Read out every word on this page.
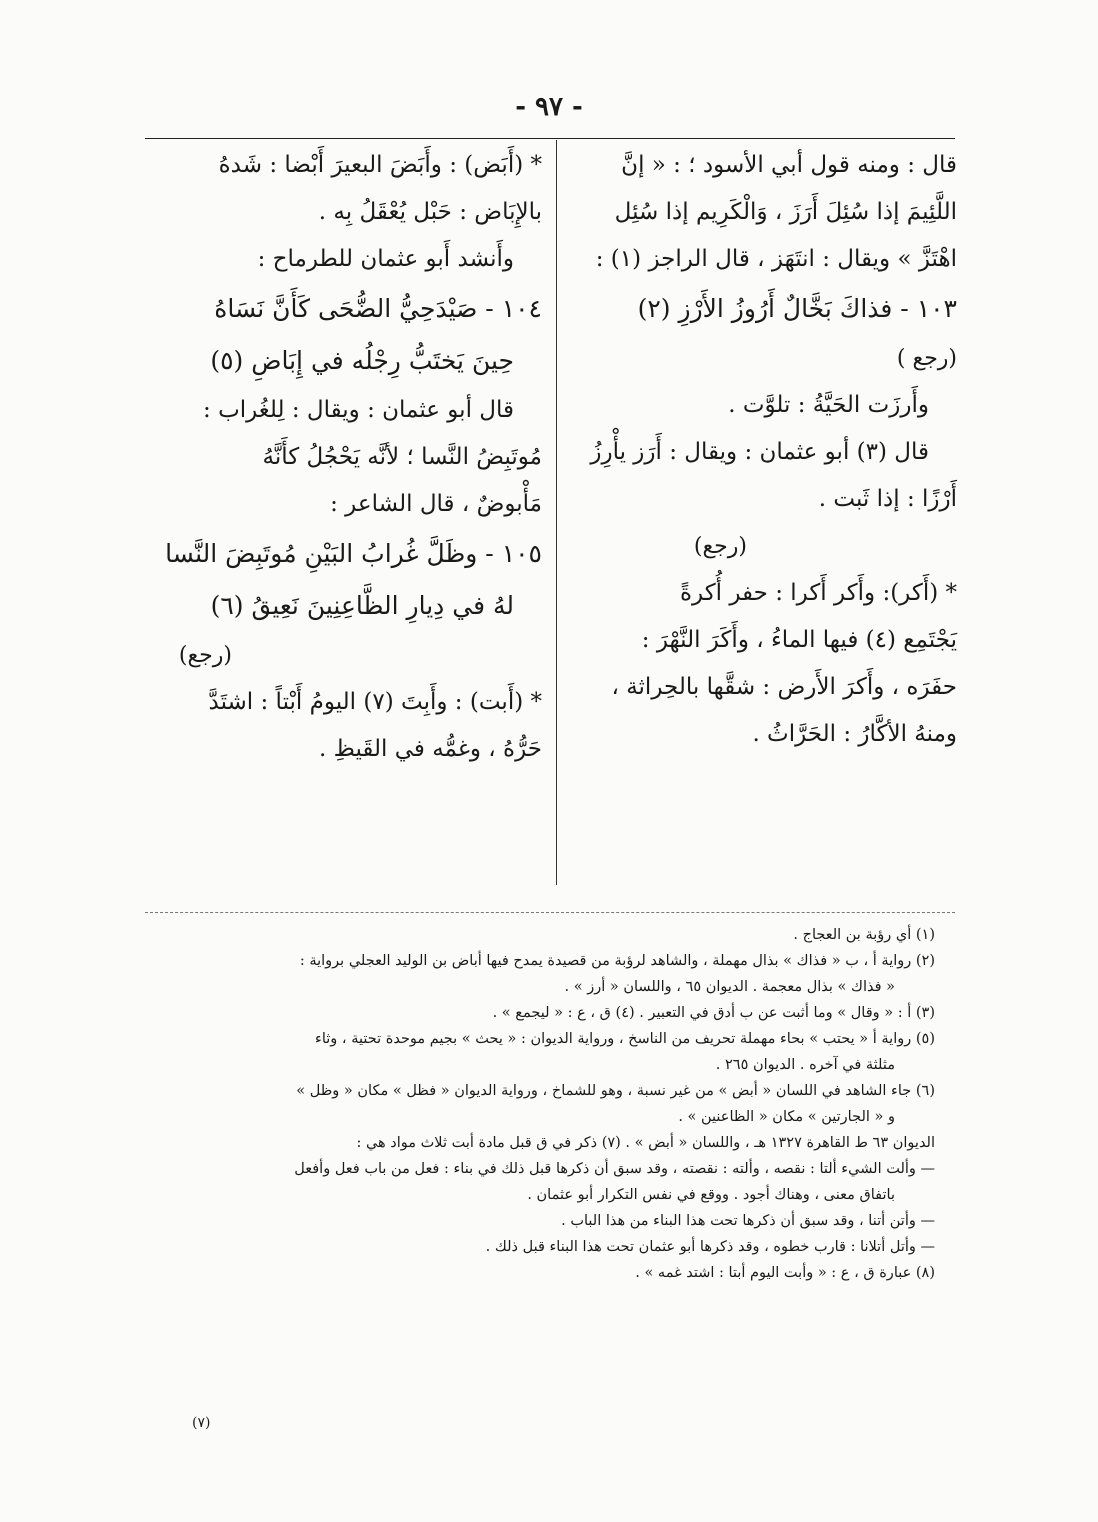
- ٩٧ -

قال : ومنه قول أبي الأسود ؛ : « إنَّ

اللَّئِيمَ إذا سُئِلَ أَرَزَ ، وَالْكَرِيم إذا سُئِل

اهْتَزَّ » ويقال : انتَهَز ، قال الراجز (١) :

١٠٣ - فذاكَ بَخَّالٌ أَرُوزُ الأَرْزِ (٢)

(رجع )

وأَرزَت الحَيَّةُ : تلوَّت .

قال (٣) أبو عثمان : ويقال : أَرَز يأْرِزُ

أَرْزًا : إذا ثَبت .

(رجع)

* (أَكر): وأَكر أَكرا : حفر أُكرةً

يَجْتَمِع (٤) فيها الماءُ ، وأَكَرَ النَّهْرَ :

حفَرَه ، وأَكرَ الأَرض : شقَّها بالحِراثة ،

ومنهُ الأكَّارُ : الحَرَّاثُ .

* (أَبَض) : وأَبَضَ البعيرَ أَبْضا : شَدهُ

بالإِبَاض : حَبْل يُعْقَلُ بِه .

وأَنشد أَبو عثمان للطرماح :

١٠٤ - صَيْدَحِيُّ الضُّحَى كَأَنَّ نَسَاهُ

حِينَ يَختَبُّ رِجْلُه في إِبَاضِ (٥)

قال أبو عثمان : ويقال : لِلغُراب :

مُوتَبِضُ النَّسا ؛ لأنَّه يَحْجُلُ كأَنَّهُ

مَأْبوضٌ ، قال الشاعر :

١٠٥ - وظَلَّ غُرابُ البَيْنِ مُوتَبِضَ النَّسا

لهُ في دِيارِ الظَّاعِنِينَ نَعِيقُ (٦)

(رجع)

* (أَبت) : وأَبِتَ (٧) اليومُ أَبْتاً : اشتَدَّ

حَرُّهُ ، وغمُّه في القَيظِ .

(١) أي رؤبة بن العجاج .

(٢) رواية أ ، ب « فذاك » بذال مهملة ، والشاهد لرؤبة من قصيدة يمدح فيها أباض بن الوليد العجلي برواية :

« فذاك » بذال معجمة . الديوان ٦٥ ، واللسان « أرز » .

(٣) أ : « وقال » وما أثبت عن ب أدق في التعبير . (٤) ق ، ع : « ليجمع » .

(٥) رواية أ « يحتب » بحاء مهملة تحريف من الناسخ ، ورواية الديوان : « يحث » بجيم موحدة تحتية ، وثاء

مثلثة في آخره . الديوان ٢٦٥ .

(٦) جاء الشاهد في اللسان « أبض » من غير نسبة ، وهو للشماخ ، ورواية الديوان « فظل » مكان « وظل »

و « الجارتين » مكان « الظاعنين » .

الديوان ٦٣ ط القاهرة ١٣٢٧ هـ ، واللسان « أبض » . (٧) ذكر في ق قبل مادة أبت ثلاث مواد هي :

— وألت الشيء ألتا : نقصه ، وألته : نقصته ، وقد سبق أن ذكرها قبل ذلك في بناء : فعل من باب فعل وأفعل

باتفاق معنى ، وهناك أجود . ووقع في نفس التكرار أبو عثمان .

— وأتن أتنا ، وقد سبق أن ذكرها تحت هذا البناء من هذا الباب .

— وأتل أتلانا : قارب خطوه ، وقد ذكرها أبو عثمان تحت هذا البناء قبل ذلك .

(٨) عبارة ق ، ع : « وأبت اليوم أبتا : اشتد غمه » .

(٧)
